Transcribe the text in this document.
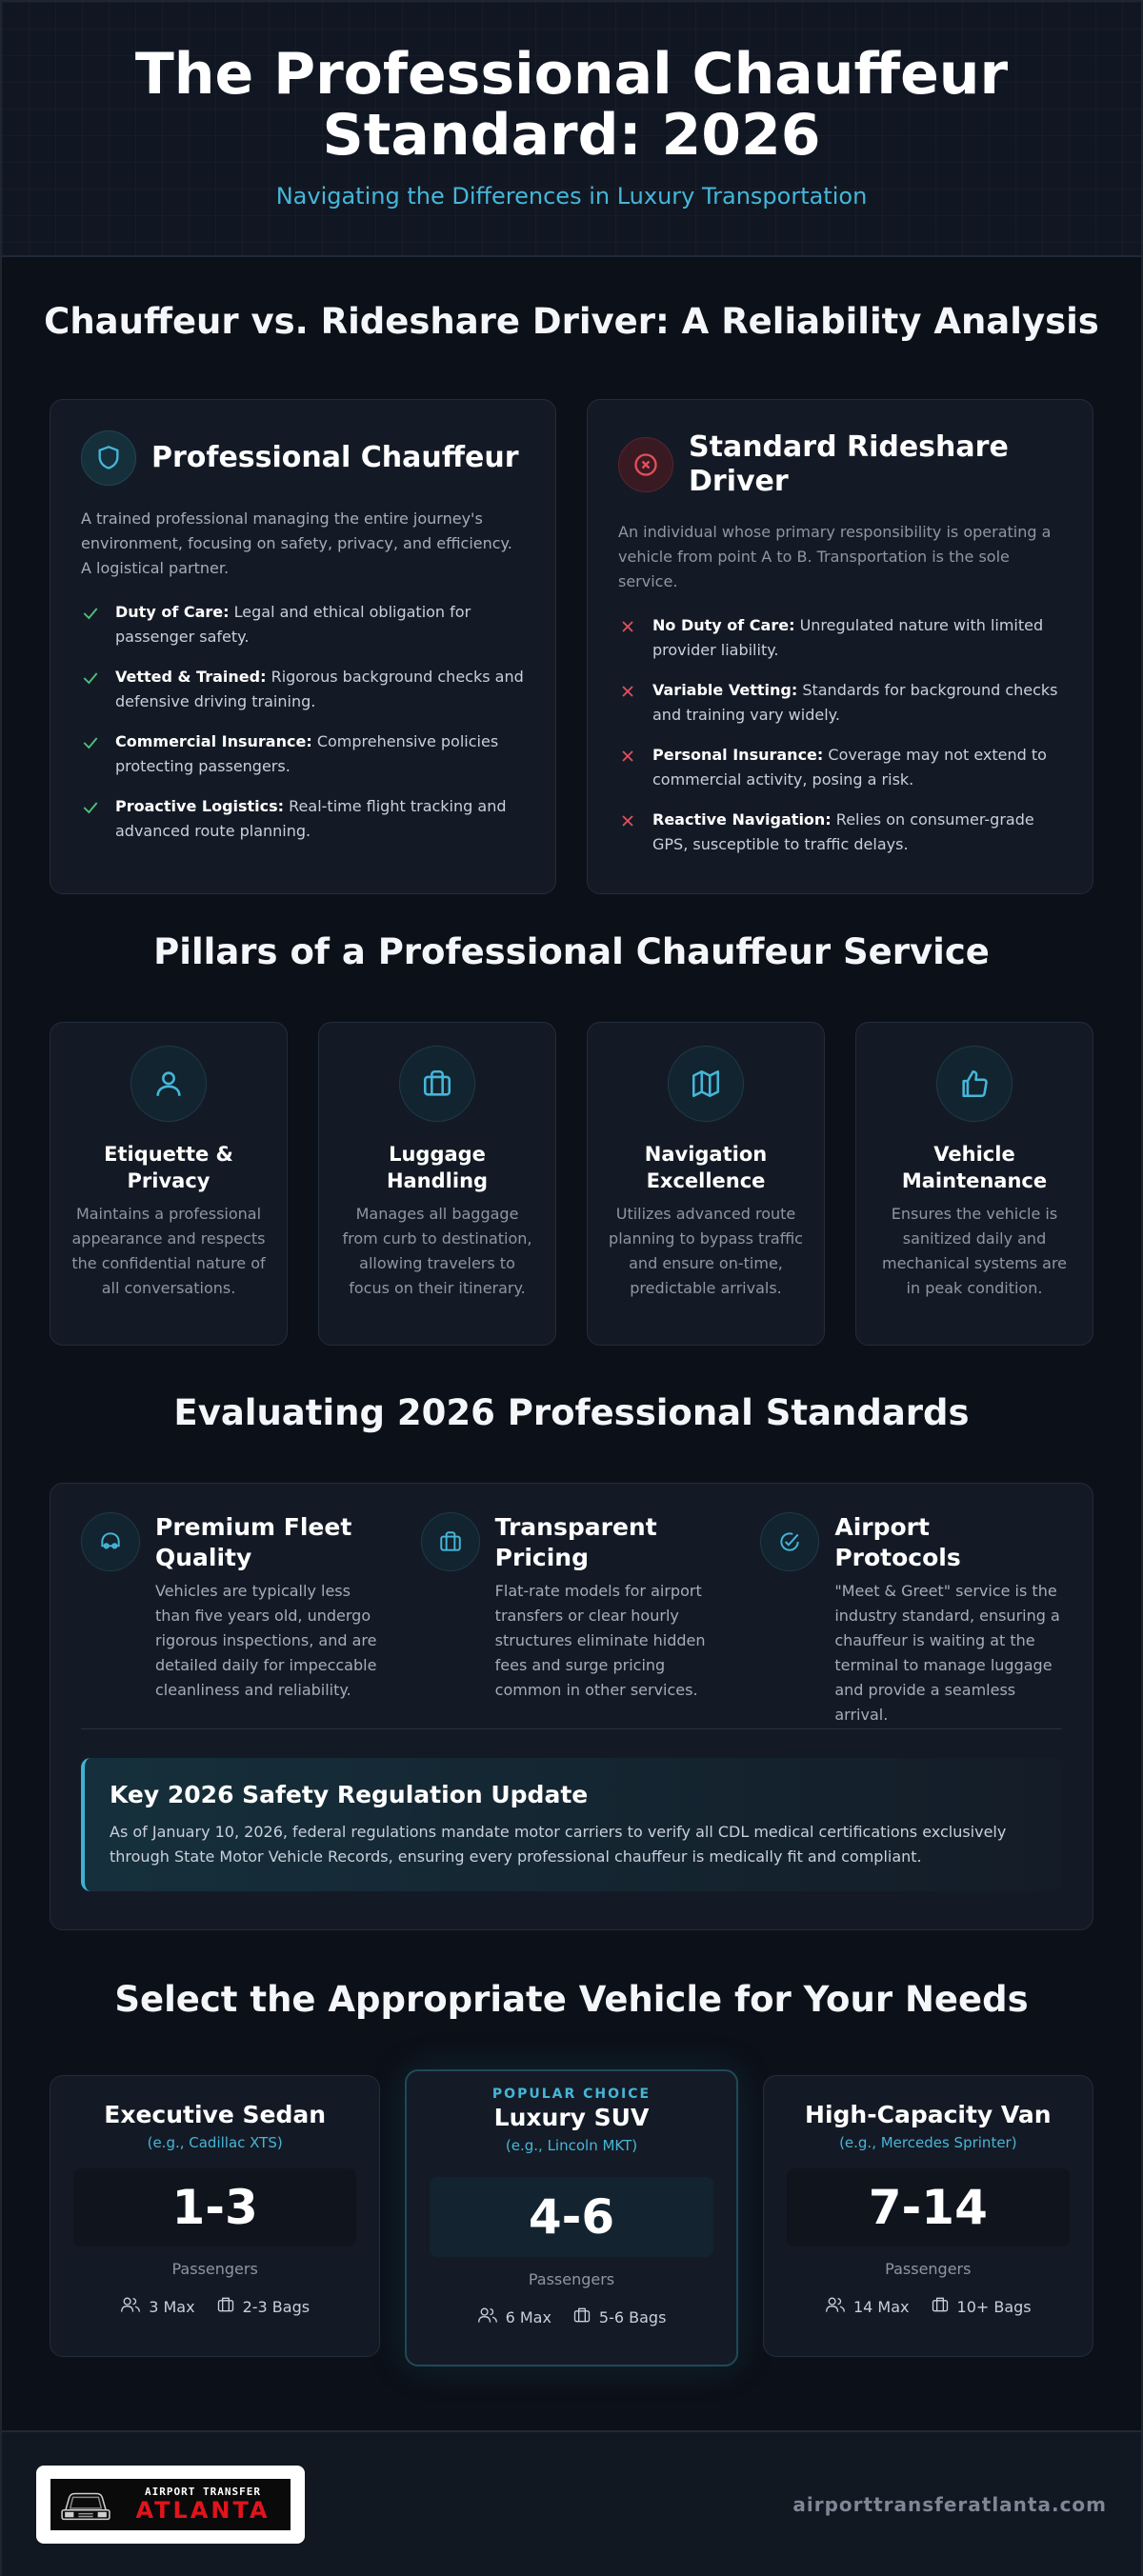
The Professional Chauffeur Standard: 2026
Navigating the Differences in Luxury Transportation
Chauffeur vs. Rideshare Driver: A Reliability Analysis
Professional Chauffeur

A trained professional managing the entire journey's environment, focusing on safety, privacy, and efficiency. A logistical partner.

Duty of Care: Legal and ethical obligation for passenger safety.
Vetted & Trained: Rigorous background checks and defensive driving training.
Commercial Insurance: Comprehensive policies protecting passengers.
Proactive Logistics: Real-time flight tracking and advanced route planning.
Standard Rideshare Driver

An individual whose primary responsibility is operating a vehicle from point A to B. Transportation is the sole service.

No Duty of Care: Unregulated nature with limited provider liability.
Variable Vetting: Standards for background checks and training vary widely.
Personal Insurance: Coverage may not extend to commercial activity, posing a risk.
Reactive Navigation: Relies on consumer-grade GPS, susceptible to traffic delays.
Pillars of a Professional Chauffeur Service
Etiquette & Privacy

Maintains a professional appearance and respects the confidential nature of all conversations.

Luggage Handling

Manages all baggage from curb to destination, allowing travelers to focus on their itinerary.

Navigation Excellence

Utilizes advanced route planning to bypass traffic and ensure on-time, predictable arrivals.

Vehicle Maintenance

Ensures the vehicle is sanitized daily and mechanical systems are in peak condition.

Evaluating 2026 Professional Standards
Premium Fleet Quality

Vehicles are typically less than five years old, undergo rigorous inspections, and are detailed daily for impeccable cleanliness and reliability.

Transparent Pricing

Flat-rate models for airport transfers or clear hourly structures eliminate hidden fees and surge pricing common in other services.

Airport Protocols

"Meet & Greet" service is the industry standard, ensuring a chauffeur is waiting at the terminal to manage luggage and provide a seamless arrival.

Key 2026 Safety Regulation Update

As of January 10, 2026, federal regulations mandate motor carriers to verify all CDL medical certifications exclusively through State Motor Vehicle Records, ensuring every professional chauffeur is medically fit and compliant.

Select the Appropriate Vehicle for Your Needs
Executive Sedan
(e.g., Cadillac XTS)
1-3
Passengers
3 Max	2-3 Bags
POPULAR CHOICE
Luxury SUV
(e.g., Lincoln MKT)
4-6
Passengers
6 Max	5-6 Bags
High-Capacity Van
(e.g., Mercedes Sprinter)
7-14
Passengers
14 Max	10+ Bags
AIRPORT TRANSFER
ATLANTA	airporttransferatlanta.com
